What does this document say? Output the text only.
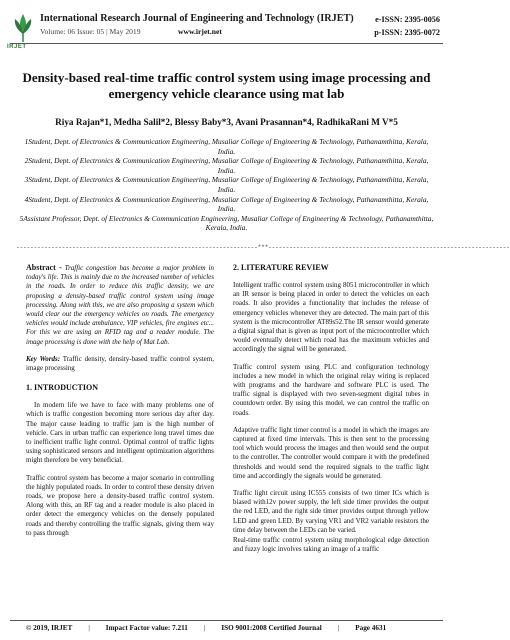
IRJET
International Research Journal of Engineering and Technology (IRJET)
Volume: 06 Issue: 05 | May 2019	www.irjet.net
e-ISSN: 2395-0056
p-ISSN: 2395-0072
Density-based real-time traffic control system using image processing and emergency vehicle clearance using mat lab
Riya Rajan*1, Medha Salil*2, Blessy Baby*3, Avani Prasannan*4, RadhikaRani M V*5

1Student, Dept. of Electronics & Communication Engineering, Musaliar College of Engineering & Technology, Pathanamthitta, Kerala, India.

2Student, Dept. of Electronics & Communication Engineering, Musaliar College of Engineering & Technology, Pathanamthitta, Kerala, India.

3Student, Dept. of Electronics & Communication Engineering, Musaliar College of Engineering & Technology, Pathanamthitta, Kerala, India.

4Student, Dept. of Electronics & Communication Engineering, Musaliar College of Engineering & Technology, Pathanamthitta, Kerala, India.

5Assistant Professor, Dept. of Electronics & Communication Engineering, Musaliar College of Engineering & Technology, Pathanamthitta, Kerala, India.

---------------------------------------------------------------------***---------------------------------------------------------------------

Abstract - Traffic congestion has become a major problem in today's life. This is mainly due to the increased number of vehicles in the roads. In order to reduce this traffic density, we are proposing a density-based traffic control system using image processing. Along with this, we are also proposing a system which would clear out the emergency vehicles on roads. The emergency vehicles would include ambulance, VIP vehicles, fire engines etc... For this we are using an RFID tag and a reader module. The image processing is done with the help of Mat Lab.

Key Words: Traffic density, density-based traffic control system, image processing

1. INTRODUCTION

In modern life we have to face with many problems one of which is traffic congestion becoming more serious day after day. The major cause leading to traffic jam is the high number of vehicle. Cars in urban traffic can experience long travel times due to inefficient traffic light control. Optimal control of traffic lights using sophisticated sensors and intelligent optimization algorithms might therefore be very beneficial.

Traffic control system has become a major scenario in controlling the highly populated roads. In order to control these density driven roads, we propose here a density-based traffic control system. Along with this, an RF tag and a reader module is also placed in order detect the emergency vehicles on the densely populated roads and thereby controlling the traffic signals, giving them way to pass through

2. LITERATURE REVIEW

Intelligent traffic control system using 8051 microcontroller in which an IR sensor is being placed in order to detect the vehicles on each roads. It also provides a functionality that includes the release of emergency vehicles whenever they are detected. The main part of this system is the microcontroller AT89s52.The IR sensor would generate a digital signal that is given as input port of the microcontroller which would eventually detect which road has the maximum vehicles and accordingly the signal will be generated.

Traffic control system using PLC and configuration technology includes a new model in which the original relay wiring is replaced with programs and the hardware and software PLC is used. The traffic signal is displayed with two seven-segment digital tubes in countdown order. By using this model, we can control the traffic on roads.

Adaptive traffic light timer control is a model in which the images are captured at fixed time intervals. This is then sent to the processing tool which would process the images and then would send the output to the controller. The controller would compare it with the predefined thresholds and would send the required signals to the traffic light time and accordingly the signals would be generated.

Traffic light circuit using IC555 consists of two timer ICs which is biased with12v power supply, the left side timer provides the output the red LED, and the right side timer provides output through yellow LED and green LED. By varying VR1 and VR2 variable resistors the time delay between the LEDs can be varied.

Real-time traffic control system using morphological edge detection and fuzzy logic involves taking an image of a traffic

© 2019, IRJET | Impact Factor value: 7.211 | ISO 9001:2008 Certified Journal | Page 4631
